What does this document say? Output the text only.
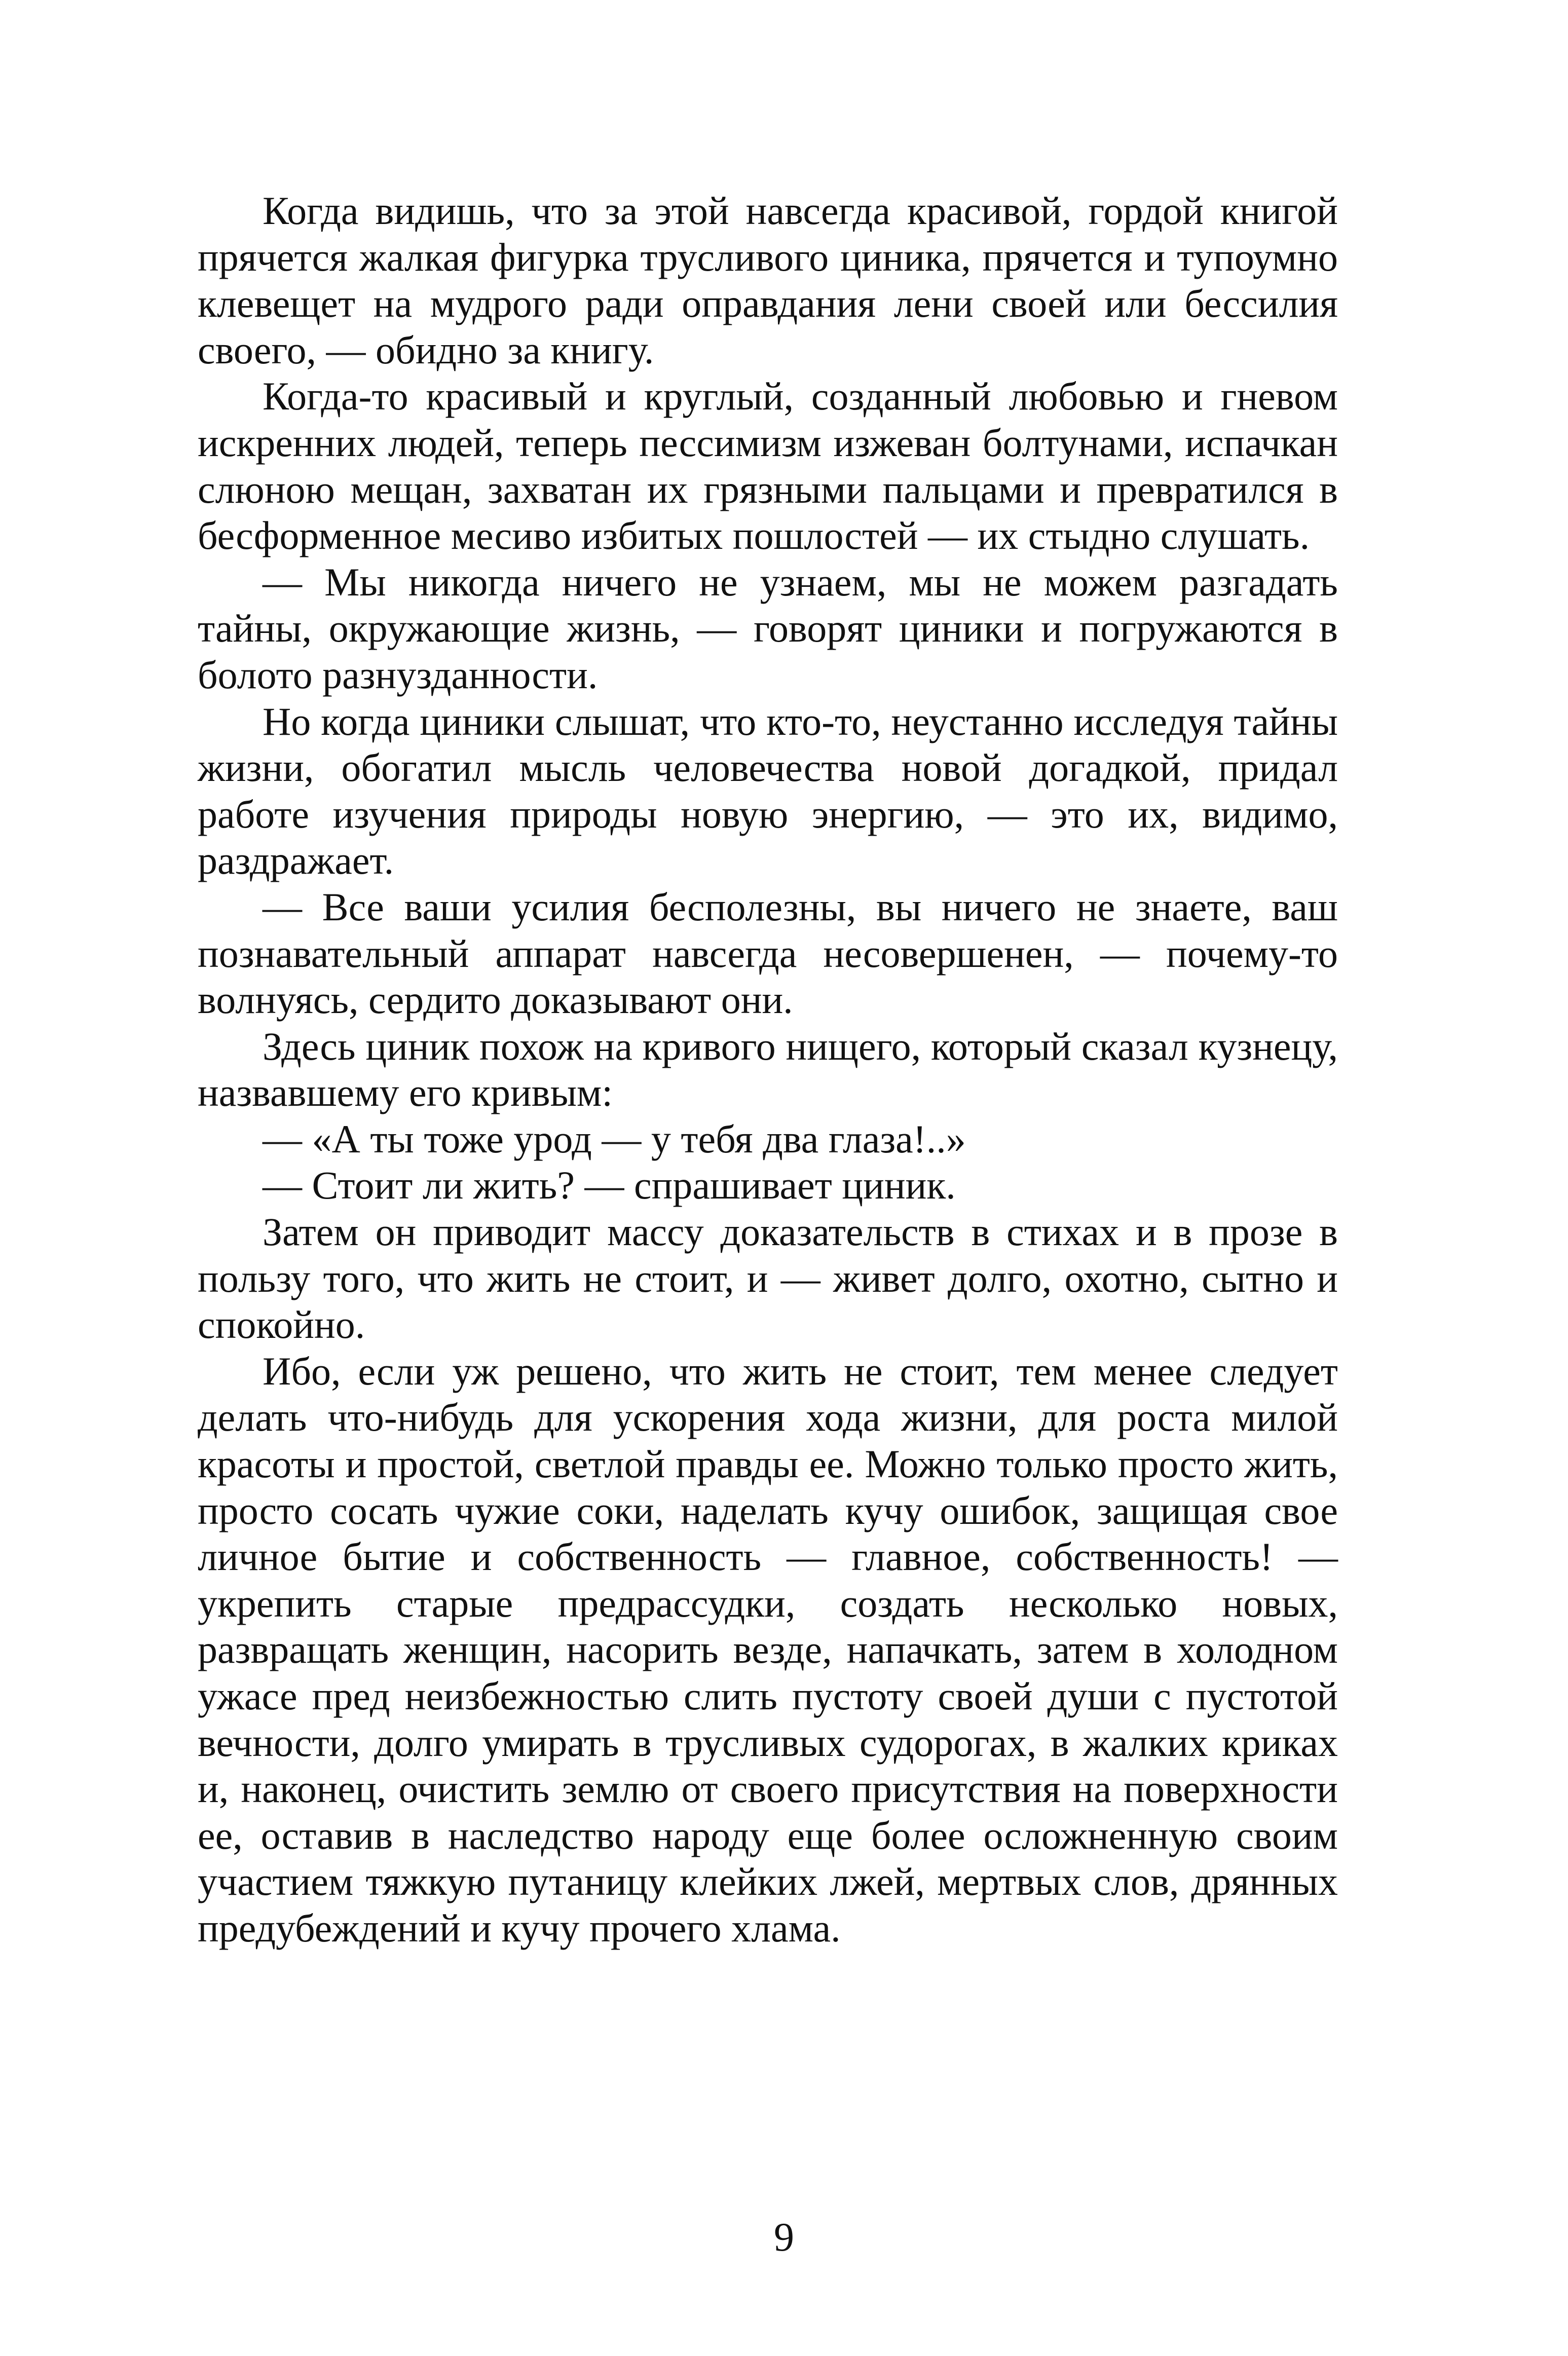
Когда видишь, что за этой навсегда красивой, гордой книгой прячется жалкая фигурка трусливого циника, прячется и тупоумно клевещет на мудрого ради оправдания лени своей или бессилия своего, — обидно за книгу.

Когда-то красивый и круглый, созданный любовью и гневом искренних людей, теперь пессимизм изжеван болтунами, испачкан слюною мещан, захватан их грязными пальцами и превратился в бесформенное месиво избитых пошлостей — их стыдно слушать.

— Мы никогда ничего не узнаем, мы не можем разгадать тайны, окружающие жизнь, — говорят циники и погружаются в болото разнузданности.

Но когда циники слышат, что кто-то, неустанно исследуя тайны жизни, обогатил мысль человечества новой догадкой, придал работе изучения природы новую энергию, — это их, видимо, раздражает.

— Все ваши усилия бесполезны, вы ничего не знаете, ваш познавательный аппарат навсегда несовершенен, — почему-то волнуясь, сердито доказывают они.

Здесь циник похож на кривого нищего, который сказал кузнецу, назвавшему его кривым:

— «А ты тоже урод — у тебя два глаза!..»

— Стоит ли жить? — спрашивает циник.

Затем он приводит массу доказательств в стихах и в прозе в пользу того, что жить не стоит, и — живет долго, охотно, сытно и спокойно.

Ибо, если уж решено, что жить не стоит, тем менее следует делать что-нибудь для ускорения хода жизни, для роста милой красоты и простой, светлой правды ее. Можно только просто жить, просто сосать чужие соки, наделать кучу ошибок, защищая свое личное бытие и собственность — главное, собственность! — укрепить старые предрассудки, создать несколько новых, развращать женщин, насорить везде, напачкать, затем в холодном ужасе пред неизбежностью слить пустоту своей души с пустотой вечности, долго умирать в трусливых судорогах, в жалких криках и, наконец, очистить землю от своего присутствия на поверхности ее, оставив в наследство народу еще более осложненную своим участием тяжкую путаницу клейких лжей, мертвых слов, дрянных предубеждений и кучу прочего хлама.

9
